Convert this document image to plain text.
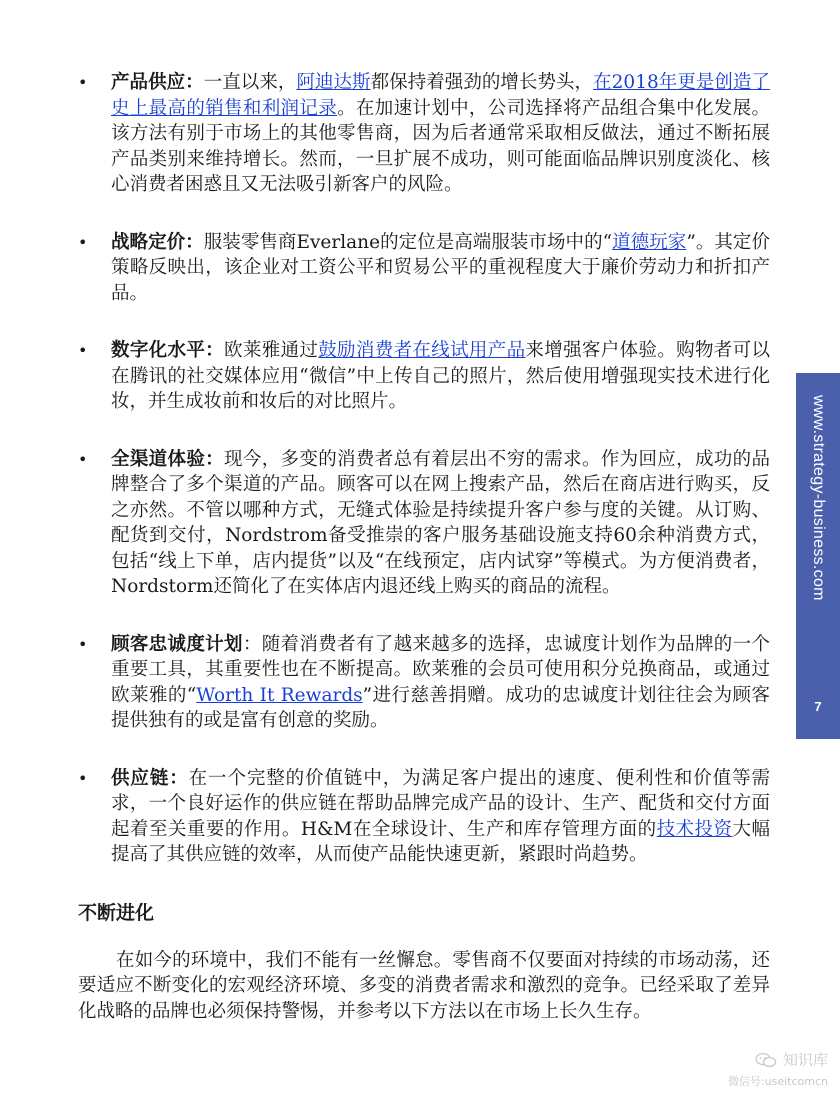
• 产品供应：一直以来，阿迪达斯都保持着强劲的增长势头，在2018年更是创造了史上最高的销售和利润记录。在加速计划中，公司选择将产品组合集中化发展。该方法有别于市场上的其他零售商，因为后者通常采取相反做法，通过不断拓展产品类别来维持增长。然而，一旦扩展不成功，则可能面临品牌识别度淡化、核心消费者困惑且又无法吸引新客户的风险。

• 战略定价：服装零售商Everlane的定位是高端服装市场中的“道德玩家”。其定价策略反映出，该企业对工资公平和贸易公平的重视程度大于廉价劳动力和折扣产品。

• 数字化水平：欧莱雅通过鼓励消费者在线试用产品来增强客户体验。购物者可以在腾讯的社交媒体应用“微信”中上传自己的照片，然后使用增强现实技术进行化妆，并生成妆前和妆后的对比照片。

• 全渠道体验：现今，多变的消费者总有着层出不穷的需求。作为回应，成功的品牌整合了多个渠道的产品。顾客可以在网上搜索产品，然后在商店进行购买，反之亦然。不管以哪种方式，无缝式体验是持续提升客户参与度的关键。从订购、配货到交付，Nordstrom备受推崇的客户服务基础设施支持60余种消费方式，包括“线上下单，店内提货”以及“在线预定，店内试穿”等模式。为方便消费者，Nordstorm还简化了在实体店内退还线上购买的商品的流程。

• 顾客忠诚度计划：随着消费者有了越来越多的选择，忠诚度计划作为品牌的一个重要工具，其重要性也在不断提高。欧莱雅的会员可使用积分兑换商品，或通过欧莱雅的“Worth It Rewards”进行慈善捐赠。成功的忠诚度计划往往会为顾客提供独有的或是富有创意的奖励。

• 供应链：在一个完整的价值链中，为满足客户提出的速度、便利性和价值等需求，一个良好运作的供应链在帮助品牌完成产品的设计、生产、配货和交付方面起着至关重要的作用。H&M在全球设计、生产和库存管理方面的技术投资大幅提高了其供应链的效率，从而使产品能快速更新，紧跟时尚趋势。

不断进化

在如今的环境中，我们不能有一丝懈怠。零售商不仅要面对持续的市场动荡，还要适应不断变化的宏观经济环境、多变的消费者需求和激烈的竞争。已经采取了差异化战略的品牌也必须保持警惕，并参考以下方法以在市场上长久生存。

www.strategy-business.com
7
知识库
微信号:useitcomcn
